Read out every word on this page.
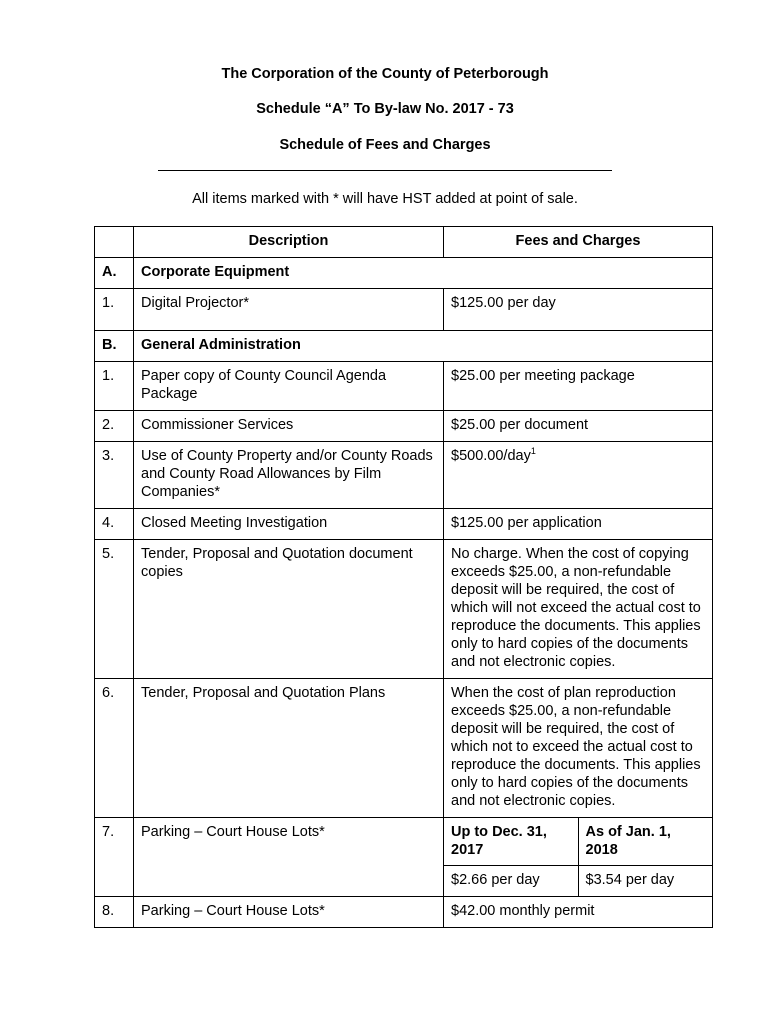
The Corporation of the County of Peterborough
Schedule “A” To By-law No. 2017 - 73
Schedule of Fees and Charges
All items marked with * will have HST added at point of sale.
	Description	Fees and Charges
A.	Corporate Equipment
1.	Digital Projector*	$125.00 per day
B.	General Administration
1.	Paper copy of County Council Agenda Package	$25.00 per meeting package
2.	Commissioner Services	$25.00 per document
3.	Use of County Property and/or County Roads and County Road Allowances by Film Companies*	$500.00/day$^1$
4.	Closed Meeting Investigation	$125.00 per application
5.	Tender, Proposal and Quotation document copies	No charge. When the cost of copying exceeds $25.00, a non-refundable deposit will be required, the cost of which will not exceed the actual cost to reproduce the documents. This applies only to hard copies of the documents and not electronic copies.
6.	Tender, Proposal and Quotation Plans	When the cost of plan reproduction exceeds $25.00, a non-refundable deposit will be required, the cost of which not to exceed the actual cost to reproduce the documents. This applies only to hard copies of the documents and not electronic copies.
7.	Parking – Court House Lots*		Up to Dec. 31, 2017	As of Jan. 1, 2018
$2.66 per day	$3.54 per day

8.	Parking – Court House Lots*	$42.00 monthly permit
